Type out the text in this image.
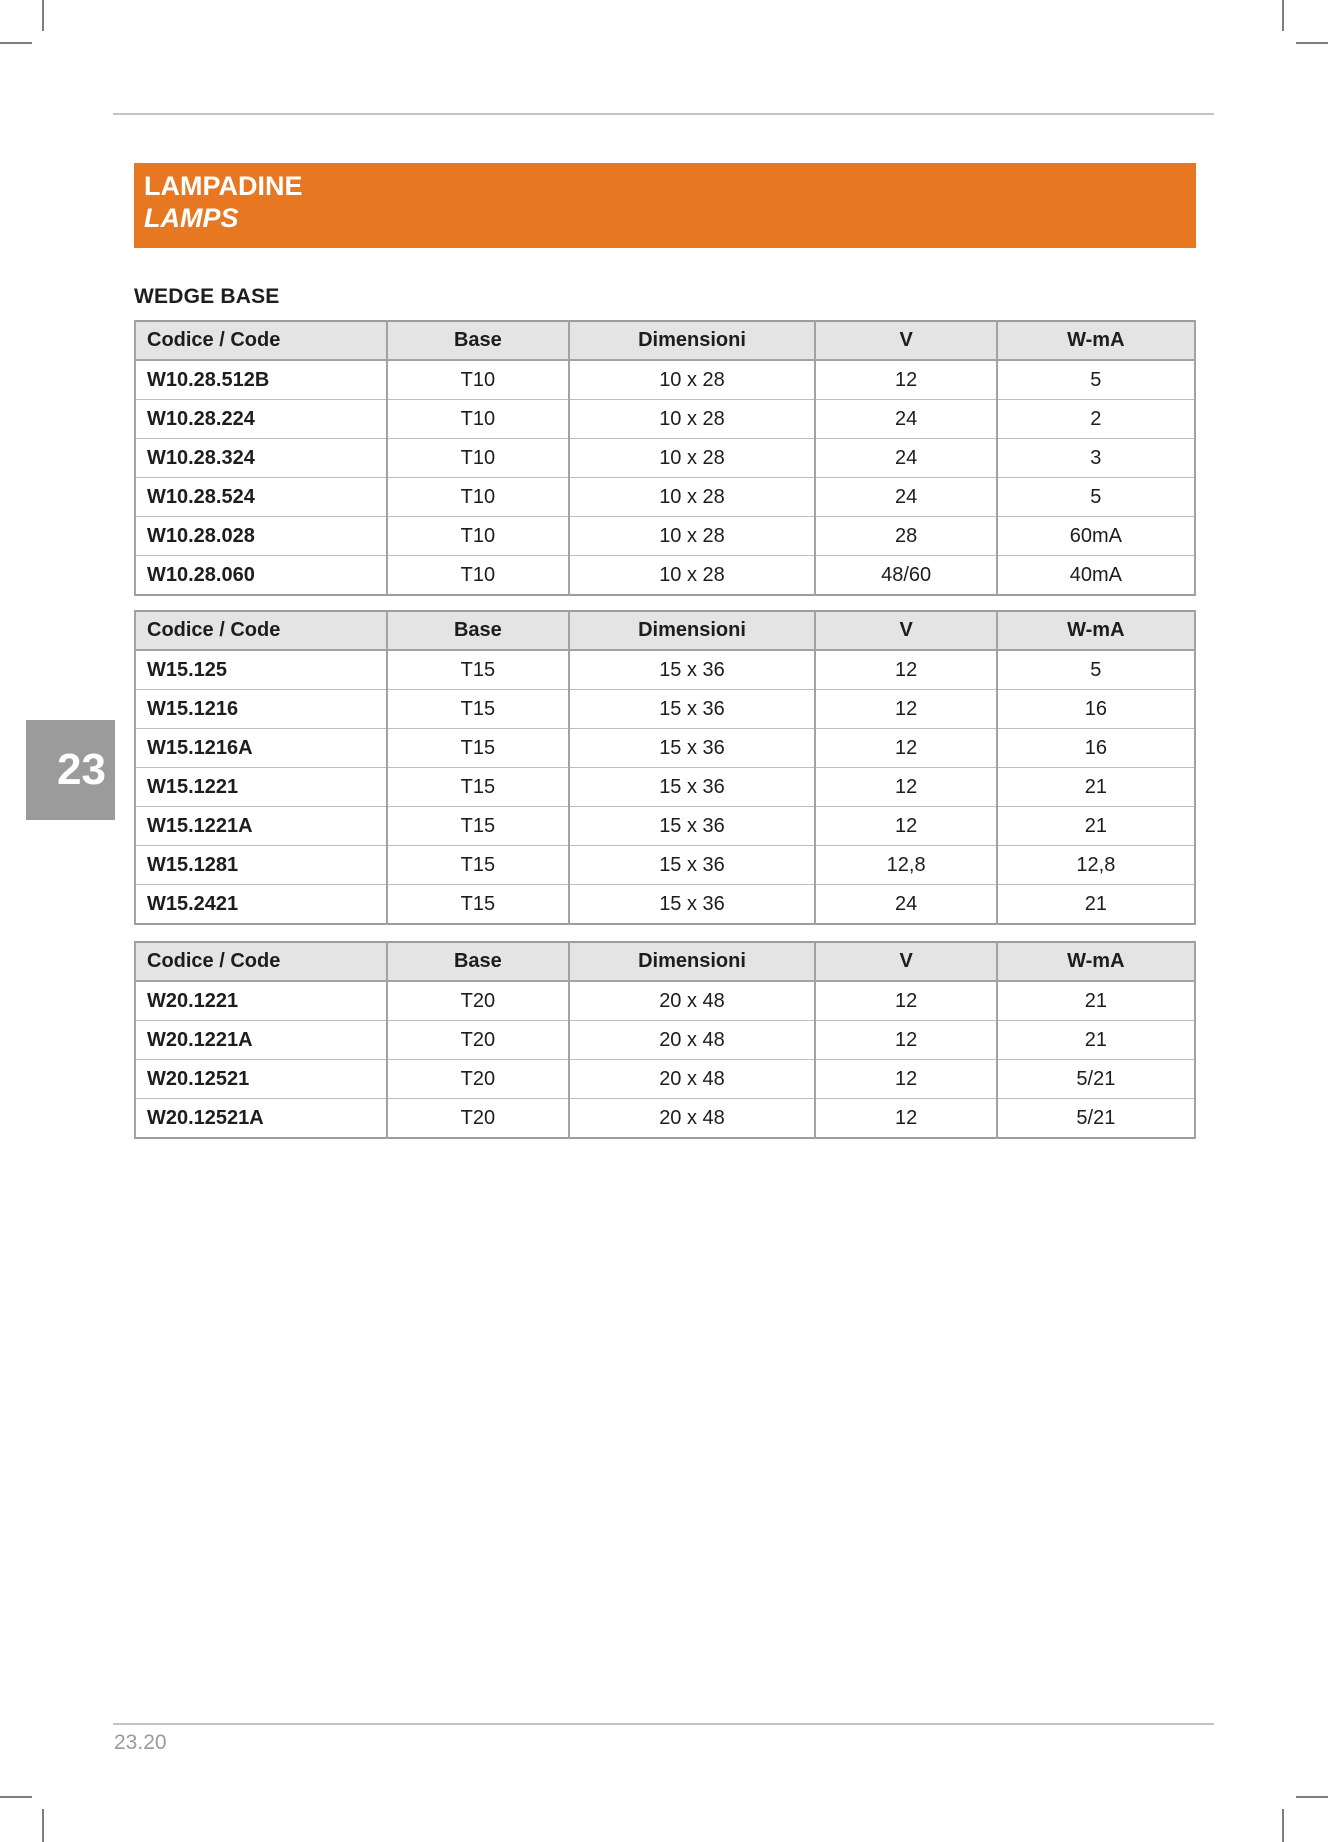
LAMPADINE
LAMPS
WEDGE BASE
Codice / Code	Base	Dimensioni	V	W-mA
W10.28.512B	T10	10 x 28	12	5
W10.28.224	T10	10 x 28	24	2
W10.28.324	T10	10 x 28	24	3
W10.28.524	T10	10 x 28	24	5
W10.28.028	T10	10 x 28	28	60mA
W10.28.060	T10	10 x 28	48/60	40mA
Codice / Code	Base	Dimensioni	V	W-mA
W15.125	T15	15 x 36	12	5
W15.1216	T15	15 x 36	12	16
W15.1216A	T15	15 x 36	12	16
W15.1221	T15	15 x 36	12	21
W15.1221A	T15	15 x 36	12	21
W15.1281	T15	15 x 36	12,8	12,8
W15.2421	T15	15 x 36	24	21
Codice / Code	Base	Dimensioni	V	W-mA
W20.1221	T20	20 x 48	12	21
W20.1221A	T20	20 x 48	12	21
W20.12521	T20	20 x 48	12	5/21
W20.12521A	T20	20 x 48	12	5/21
23
23.20
